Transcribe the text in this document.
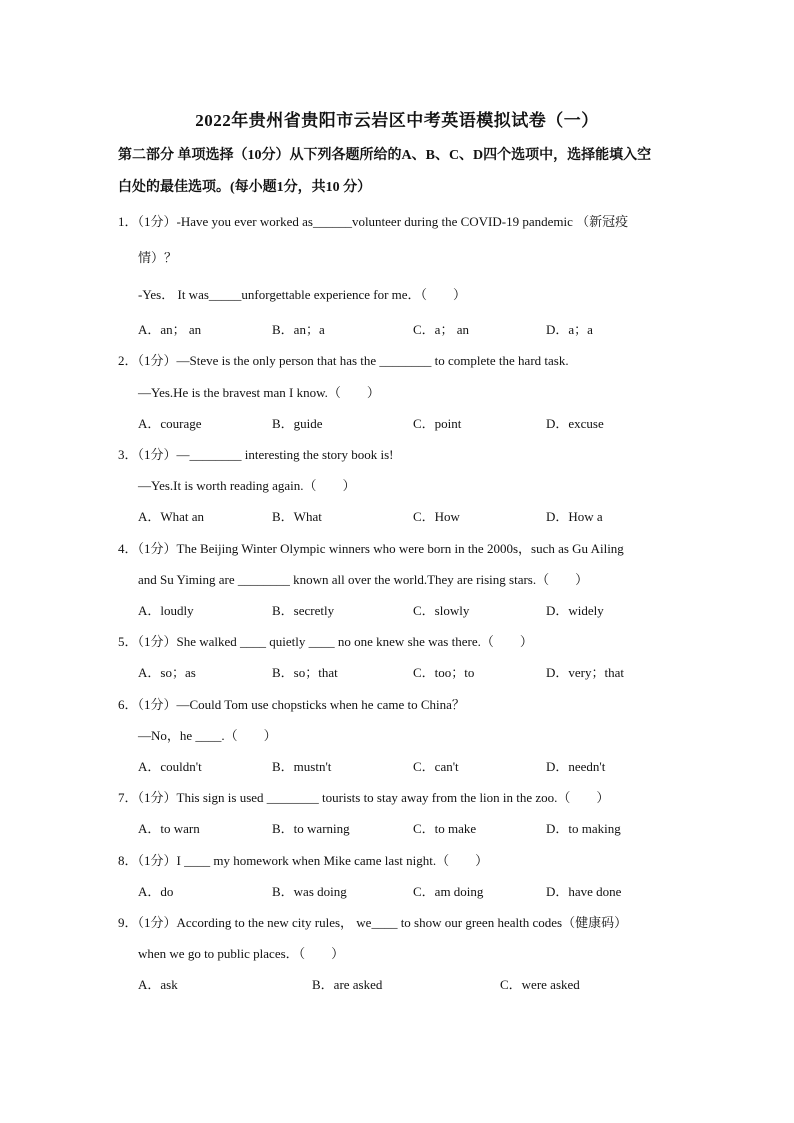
2022年贵州省贵阳市云岩区中考英语模拟试卷（一）
第二部分 单项选择（10分）从下列各题所给的A、B、C、D四个选项中，选择能填入空
白处的最佳选项。(每小题1分，共10 分）
1．（1分）-Have you ever worked as______volunteer during the COVID-19 pandemic （新冠疫
情）？
-Yes． It was_____unforgettable experience for me．（　　）
A．an； an	B．an；a	C．a； an	D．a；a
2．（1分）—Steve is the only person that has the ________ to complete the hard task.
—Yes.He is the bravest man I know.（　　）
A．courage	B．guide	C．point	D．excuse
3．（1分）—________ interesting the story book is!
—Yes.It is worth reading again.（　　）
A．What an	B．What	C．How	D．How a
4．（1分）The Beijing Winter Olympic winners who were born in the 2000s，such as Gu Ailing
and Su Yiming are ________ known all over the world.They are rising stars.（　　）
A．loudly	B．secretly	C．slowly	D．widely
5．（1分）She walked ____ quietly ____ no one knew she was there.（　　）
A．so；as	B．so；that	C．too；to	D．very；that
6．（1分）—Could Tom use chopsticks when he came to China？
—No，he ____.（　　）
A．couldn't	B．mustn't	C．can't	D．needn't
7．（1分）This sign is used ________ tourists to stay away from the lion in the zoo.（　　）
A．to warn	B．to warning	C．to make	D．to making
8．（1分）I ____ my homework when Mike came last night.（　　）
A．do	B．was doing	C．am doing	D．have done
9．（1分）According to the new city rules， we____ to show our green health codes（健康码）
when we go to public places．（　　）
A．ask	B．are asked	C．were asked
